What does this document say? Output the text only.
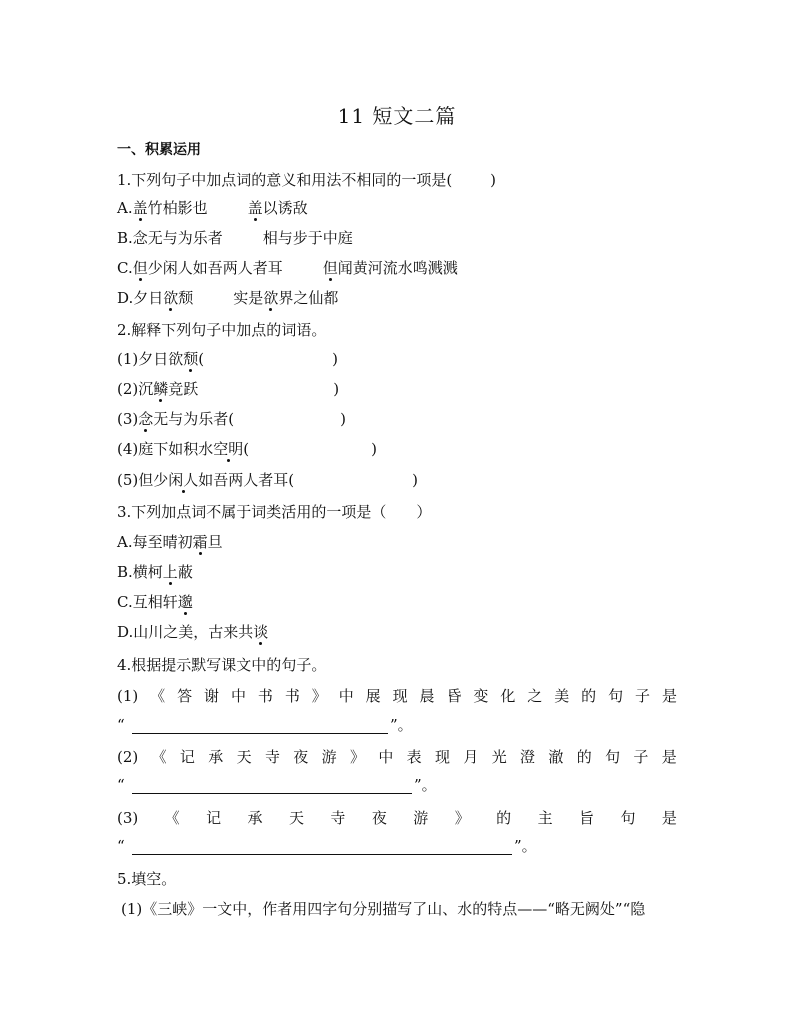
11 短文二篇
一、积累运用
1.下列句子中加点词的意义和用法不相同的一项是(	)
A.盖竹柏影也	盖以诱敌
B.念无与为乐者	相与步于中庭
C.但少闲人如吾两人者耳	但闻黄河流水鸣溅溅
D.夕日欲颓	实是欲界之仙都
2.解释下列句子中加点的词语。
(1)夕日欲颓(	)
(2)沉鳞竞跃	)
(3)念无与为乐者(	)
(4)庭下如积水空明(	)
(5)但少闲人如吾两人者耳(	)
3.下列加点词不属于词类活用的一项是（ ）
A.每至晴初霜旦
B.横柯上蔽
C.互相轩邈
D.山川之美，古来共谈
4.根据提示默写课文中的句子。
(1) 《 答 谢 中 书 书 》 中 展 现 晨 昏 变 化 之 美 的 句 子 是
“	”。
(2) 《 记 承 天 寺 夜 游 》 中 表 现 月 光 澄 澈 的 句 子 是
“	”。
(3) 《 记 承 天 寺 夜 游 》 的 主 旨 句 是
“	”。
5.填空。
(1)《三峡》一文中，作者用四字句分别描写了山、水的特点——“略无阙处”“隐
